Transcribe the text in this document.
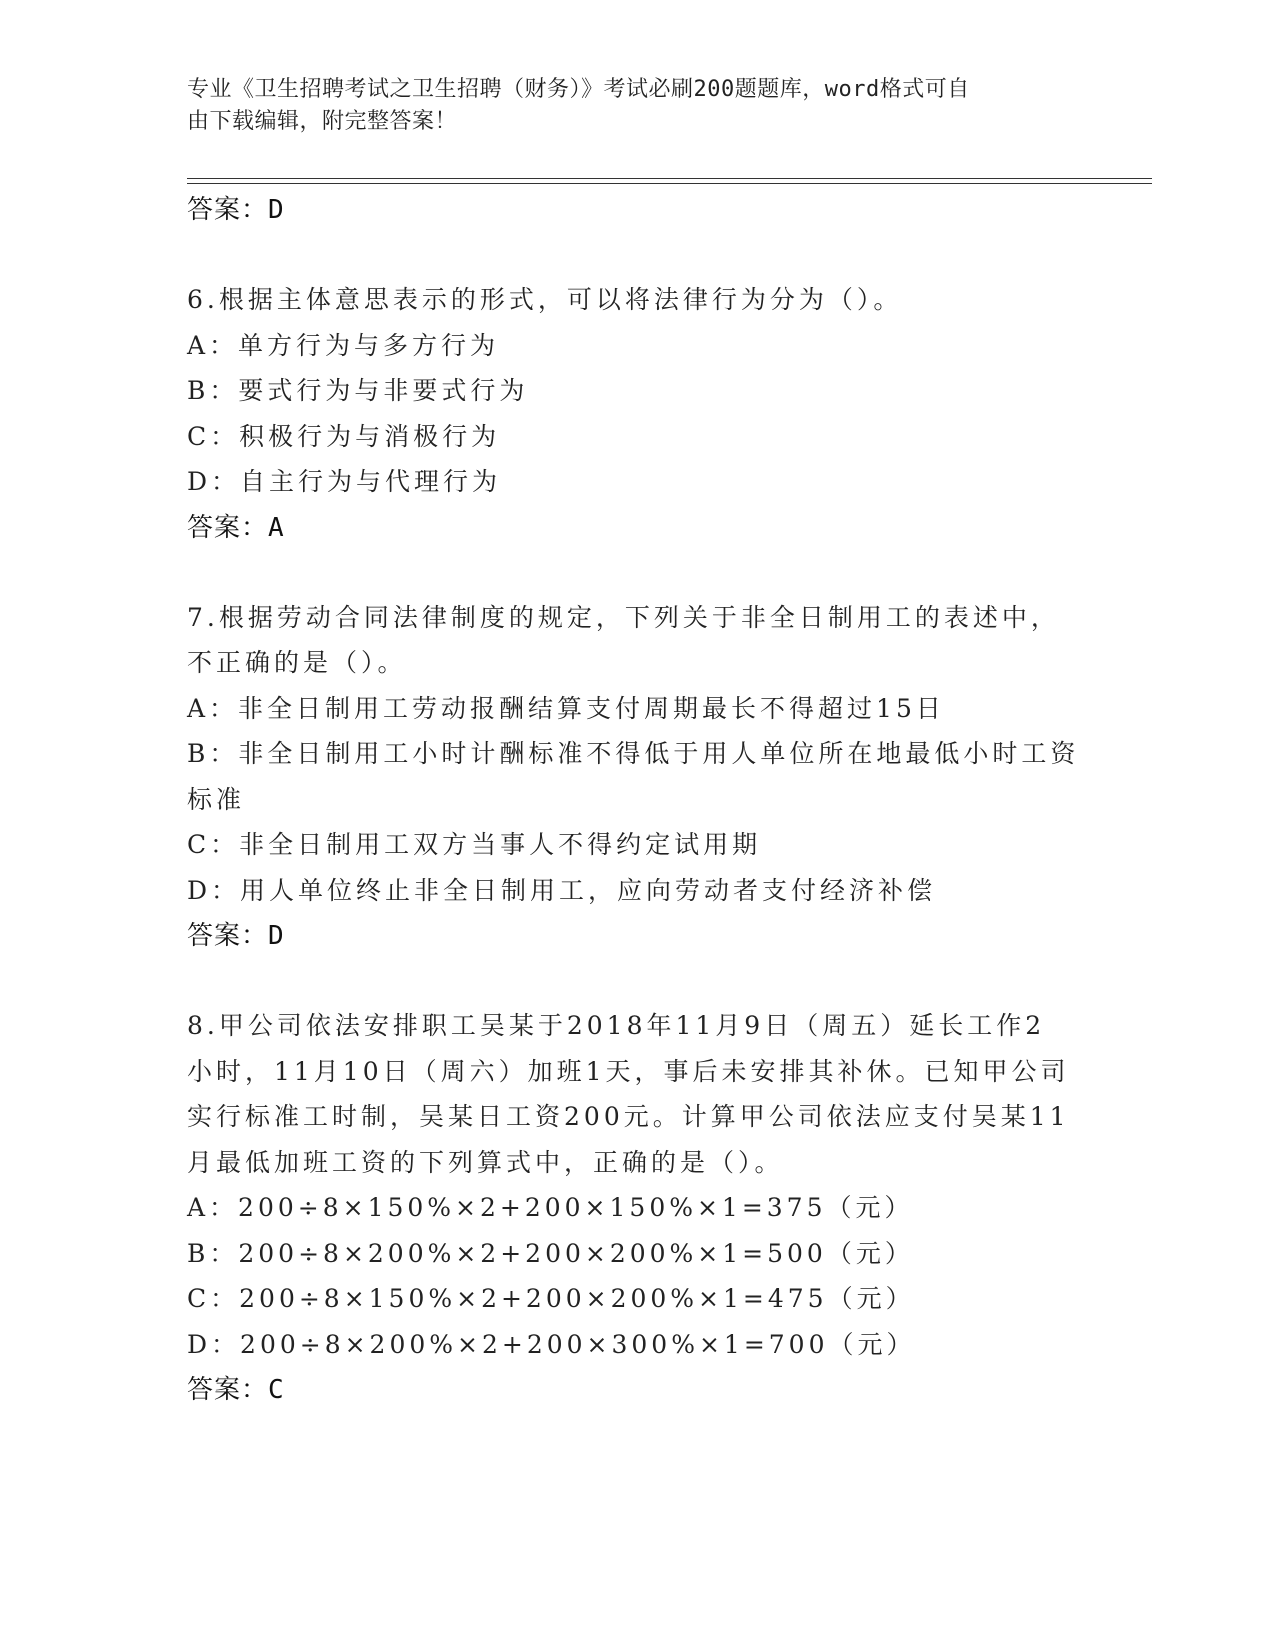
专业《卫生招聘考试之卫生招聘（财务）》考试必刷200题题库，word格式可自
由下载编辑，附完整答案！
答案：D
6.根据主体意思表示的形式，可以将法律行为分为（）。
A：单方行为与多方行为
B：要式行为与非要式行为
C：积极行为与消极行为
D：自主行为与代理行为
答案：A
7.根据劳动合同法律制度的规定，下列关于非全日制用工的表述中，
不正确的是（）。
A：非全日制用工劳动报酬结算支付周期最长不得超过15日
B：非全日制用工小时计酬标准不得低于用人单位所在地最低小时工资
标准
C：非全日制用工双方当事人不得约定试用期
D：用人单位终止非全日制用工，应向劳动者支付经济补偿
答案：D
8.甲公司依法安排职工吴某于2018年11月9日（周五）延长工作2
小时，11月10日（周六）加班1天，事后未安排其补休。已知甲公司
实行标准工时制，吴某日工资200元。计算甲公司依法应支付吴某11
月最低加班工资的下列算式中，正确的是（）。
A：200÷8×150%×2+200×150%×1=375（元）
B：200÷8×200%×2+200×200%×1=500（元）
C：200÷8×150%×2+200×200%×1=475（元）
D：200÷8×200%×2+200×300%×1=700（元）
答案：C
